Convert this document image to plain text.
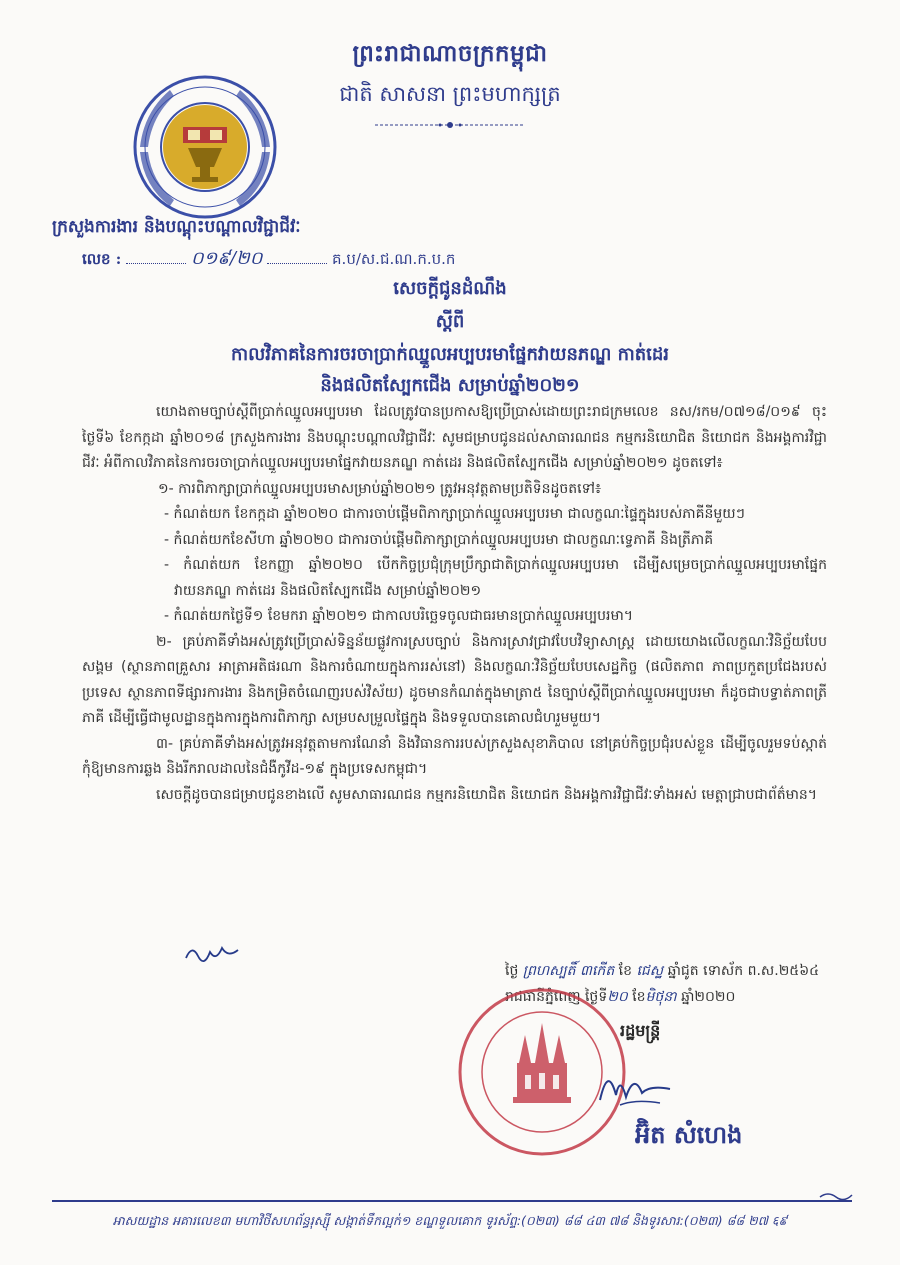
ព្រះរាជាណាចក្រកម្ពុជា
ជាតិ សាសនា ព្រះមហាក្សត្រ
ក្រសួងការងារ និងបណ្ដុះបណ្ដាលវិជ្ជាជីវៈ
លេខ :	០១៩/២០	គ.ប/ស.ជ.ណ.ក.ប.ក
សេចក្ដីជូនដំណឹង
ស្ដីពី
កាលវិភាគនៃការចរចាប្រាក់ឈ្នួលអប្បបរមាផ្នែកវាយនភណ្ឌ កាត់ដេរ
និងផលិតស្បែកជើង សម្រាប់ឆ្នាំ២០២១

យោងតាមច្បាប់ស្ដីពីប្រាក់ឈ្នួលអប្បបរមា ដែលត្រូវបានប្រកាសឱ្យប្រើប្រាស់ដោយព្រះរាជក្រមលេខ នស/រកម/០៧១៨/០១៩ ចុះថ្ងៃទី៦ ខែកក្កដា ឆ្នាំ២០១៨ ក្រសួងការងារ និងបណ្ដុះបណ្ដាលវិជ្ជាជីវៈ សូមជម្រាបជូនដល់សាធារណជន កម្មករនិយោជិត និយោជក និងអង្គការវិជ្ជាជីវៈ អំពីកាលវិភាគនៃការចរចាប្រាក់ឈ្នួលអប្បបរមាផ្នែកវាយនភណ្ឌ កាត់ដេរ និងផលិតស្បែកជើង សម្រាប់ឆ្នាំ២០២១ ដូចតទៅ៖

១- ការពិភាក្សាប្រាក់ឈ្នួលអប្បបរមាសម្រាប់ឆ្នាំ២០២១ ត្រូវអនុវត្តតាមប្រតិទិនដូចតទៅ៖

- កំណត់យក ខែកក្កដា ឆ្នាំ២០២០ ជាការចាប់ផ្ដើមពិភាក្សាប្រាក់ឈ្នួលអប្បបរមា ជាលក្ខណៈផ្ទៃក្នុងរបស់ភាគីនីមួយៗ

- កំណត់យកខែសីហា ឆ្នាំ២០២០ ជាការចាប់ផ្ដើមពិភាក្សាប្រាក់ឈ្នួលអប្បបរមា ជាលក្ខណៈទ្វេភាគី និងត្រីភាគី

- កំណត់យក ខែកញ្ញា ឆ្នាំ២០២០ បើកកិច្ចប្រជុំក្រុមប្រឹក្សាជាតិប្រាក់ឈ្នួលអប្បបរមា ដើម្បីសម្រេចប្រាក់ឈ្នួលអប្បបរមាផ្នែកវាយនភណ្ឌ កាត់ដេរ និងផលិតស្បែកជើង សម្រាប់ឆ្នាំ២០២១

- កំណត់យកថ្ងៃទី១ ខែមករា ឆ្នាំ២០២១ ជាកាលបរិច្ឆេទចូលជាធរមានប្រាក់ឈ្នួលអប្បបរមា។

២- គ្រប់ភាគីទាំងអស់ត្រូវប្រើប្រាស់ទិន្នន័យផ្លូវការស្របច្បាប់ និងការស្រាវជ្រាវបែបវិទ្យាសាស្ត្រ ដោយយោងលើលក្ខណៈវិនិច្ឆ័យបែបសង្គម (ស្ថានភាពគ្រួសារ អាត្រាអតិផរណា និងការចំណាយក្នុងការរស់នៅ) និងលក្ខណៈវិនិច្ឆ័យបែបសេដ្ឋកិច្ច (ផលិតភាព ភាពប្រកួតប្រជែងរបស់ប្រទេស ស្ថានភាពទីផ្សារការងារ និងកម្រិតចំណេញរបស់វិស័យ) ដូចមានកំណត់ក្នុងមាត្រា៥ នៃច្បាប់ស្ដីពីប្រាក់ឈ្នួលអប្បបរមា ក៏ដូចជាបទ្ធាត់ភាពត្រីភាគី ដើម្បីធ្វើជាមូលដ្ឋានក្នុងការក្នុងការពិភាក្សា សម្របសម្រួលផ្ទៃក្នុង និងទទួលបានគោលជំហរួមមួយ។

៣- គ្រប់ភាគីទាំងអស់ត្រូវអនុវត្តតាមការណែនាំ និងវិធានការរបស់ក្រសួងសុខាភិបាល នៅគ្រប់កិច្ចប្រជុំរបស់ខ្លួន ដើម្បីចូលរួមទប់ស្កាត់កុំឱ្យមានការឆ្លង និងរីករាលដាលនៃជំងឺកូវីដ-១៩ ក្នុងប្រទេសកម្ពុជា។

សេចក្ដីដូចបានជម្រាបជូនខាងលើ សូមសាធារណជន កម្មករនិយោជិត និយោជក និងអង្គការវិជ្ជាជីវៈទាំងអស់ មេត្តាជ្រាបជាព័ត៌មាន។

ថ្ងៃ ព្រហស្បតិ៍ ៣កើត ខែ ជេស្ឋ ឆ្នាំជូត ទោស័ក ព.ស.២៥៦៤
រាជធានីភ្នំពេញ ថ្ងៃទី២០ ខែមិថុនា ឆ្នាំ២០២០
រដ្ឋមន្ត្រី
អ៊ិត សំហេង
អាសយដ្ឋាន អគារលេខ៣ មហាវិថីសហព័ន្ធរុស្ស៊ី សង្កាត់ទឹកល្អក់១ ខណ្ឌទួលគោក ទូរស័ព្ទ:(០២៣) ៨៨ ៤៣ ៧៨ និងទូរសារ:(០២៣) ៨៨ ២៧ ६៩
